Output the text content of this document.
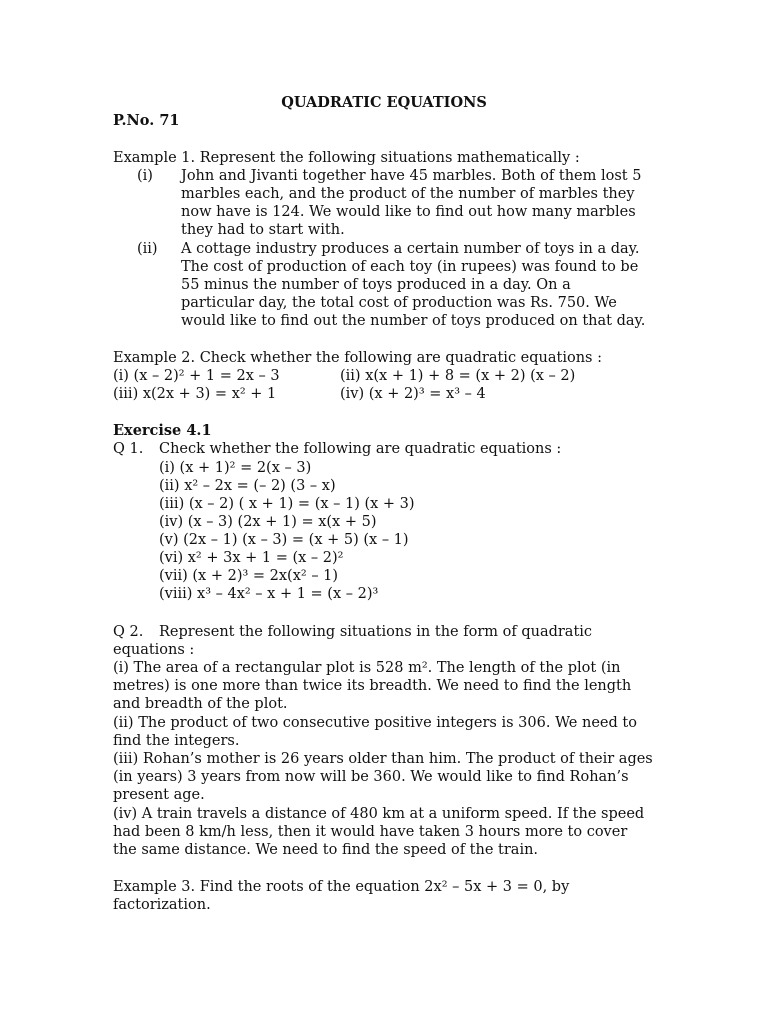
QUADRATIC EQUATIONS
P.No. 71
Example 1. Represent the following situations mathematically :
(i) John and Jivanti together have 45 marbles. Both of them lost 5
marbles each, and the product of the number of marbles they
now have is 124. We would like to find out how many marbles
they had to start with.
(ii) A cottage industry produces a certain number of toys in a day.
The cost of production of each toy (in rupees) was found to be
55 minus the number of toys produced in a day. On a
particular day, the total cost of production was Rs. 750. We
would like to find out the number of toys produced on that day.
Example 2. Check whether the following are quadratic equations :
(i) (x – 2)² + 1 = 2x – 3	(ii) x(x + 1) + 8 = (x + 2) (x – 2)
(iii) x(2x + 3) = x² + 1	(iv) (x + 2)³ = x³ – 4
Exercise 4.1
Q 1. Check whether the following are quadratic equations :
(i) (x + 1)² = 2(x – 3)
(ii) x² – 2x = (– 2) (3 – x)
(iii) (x – 2) ( x + 1) = (x – 1) (x + 3)
(iv) (x – 3) (2x + 1) = x(x + 5)
(v) (2x – 1) (x – 3) = (x + 5) (x – 1)
(vi) x² + 3x + 1 = (x – 2)²
(vii) (x + 2)³ = 2x(x² – 1)
(viii) x³ – 4x² – x + 1 = (x – 2)³
Q 2. Represent the following situations in the form of quadratic
equations :
(i) The area of a rectangular plot is 528 m². The length of the plot (in
metres) is one more than twice its breadth. We need to find the length
and breadth of the plot.
(ii) The product of two consecutive positive integers is 306. We need to
find the integers.
(iii) Rohan’s mother is 26 years older than him. The product of their ages
(in years) 3 years from now will be 360. We would like to find Rohan’s
present age.
(iv) A train travels a distance of 480 km at a uniform speed. If the speed
had been 8 km/h less, then it would have taken 3 hours more to cover
the same distance. We need to find the speed of the train.
Example 3. Find the roots of the equation 2x² – 5x + 3 = 0, by
factorization.
